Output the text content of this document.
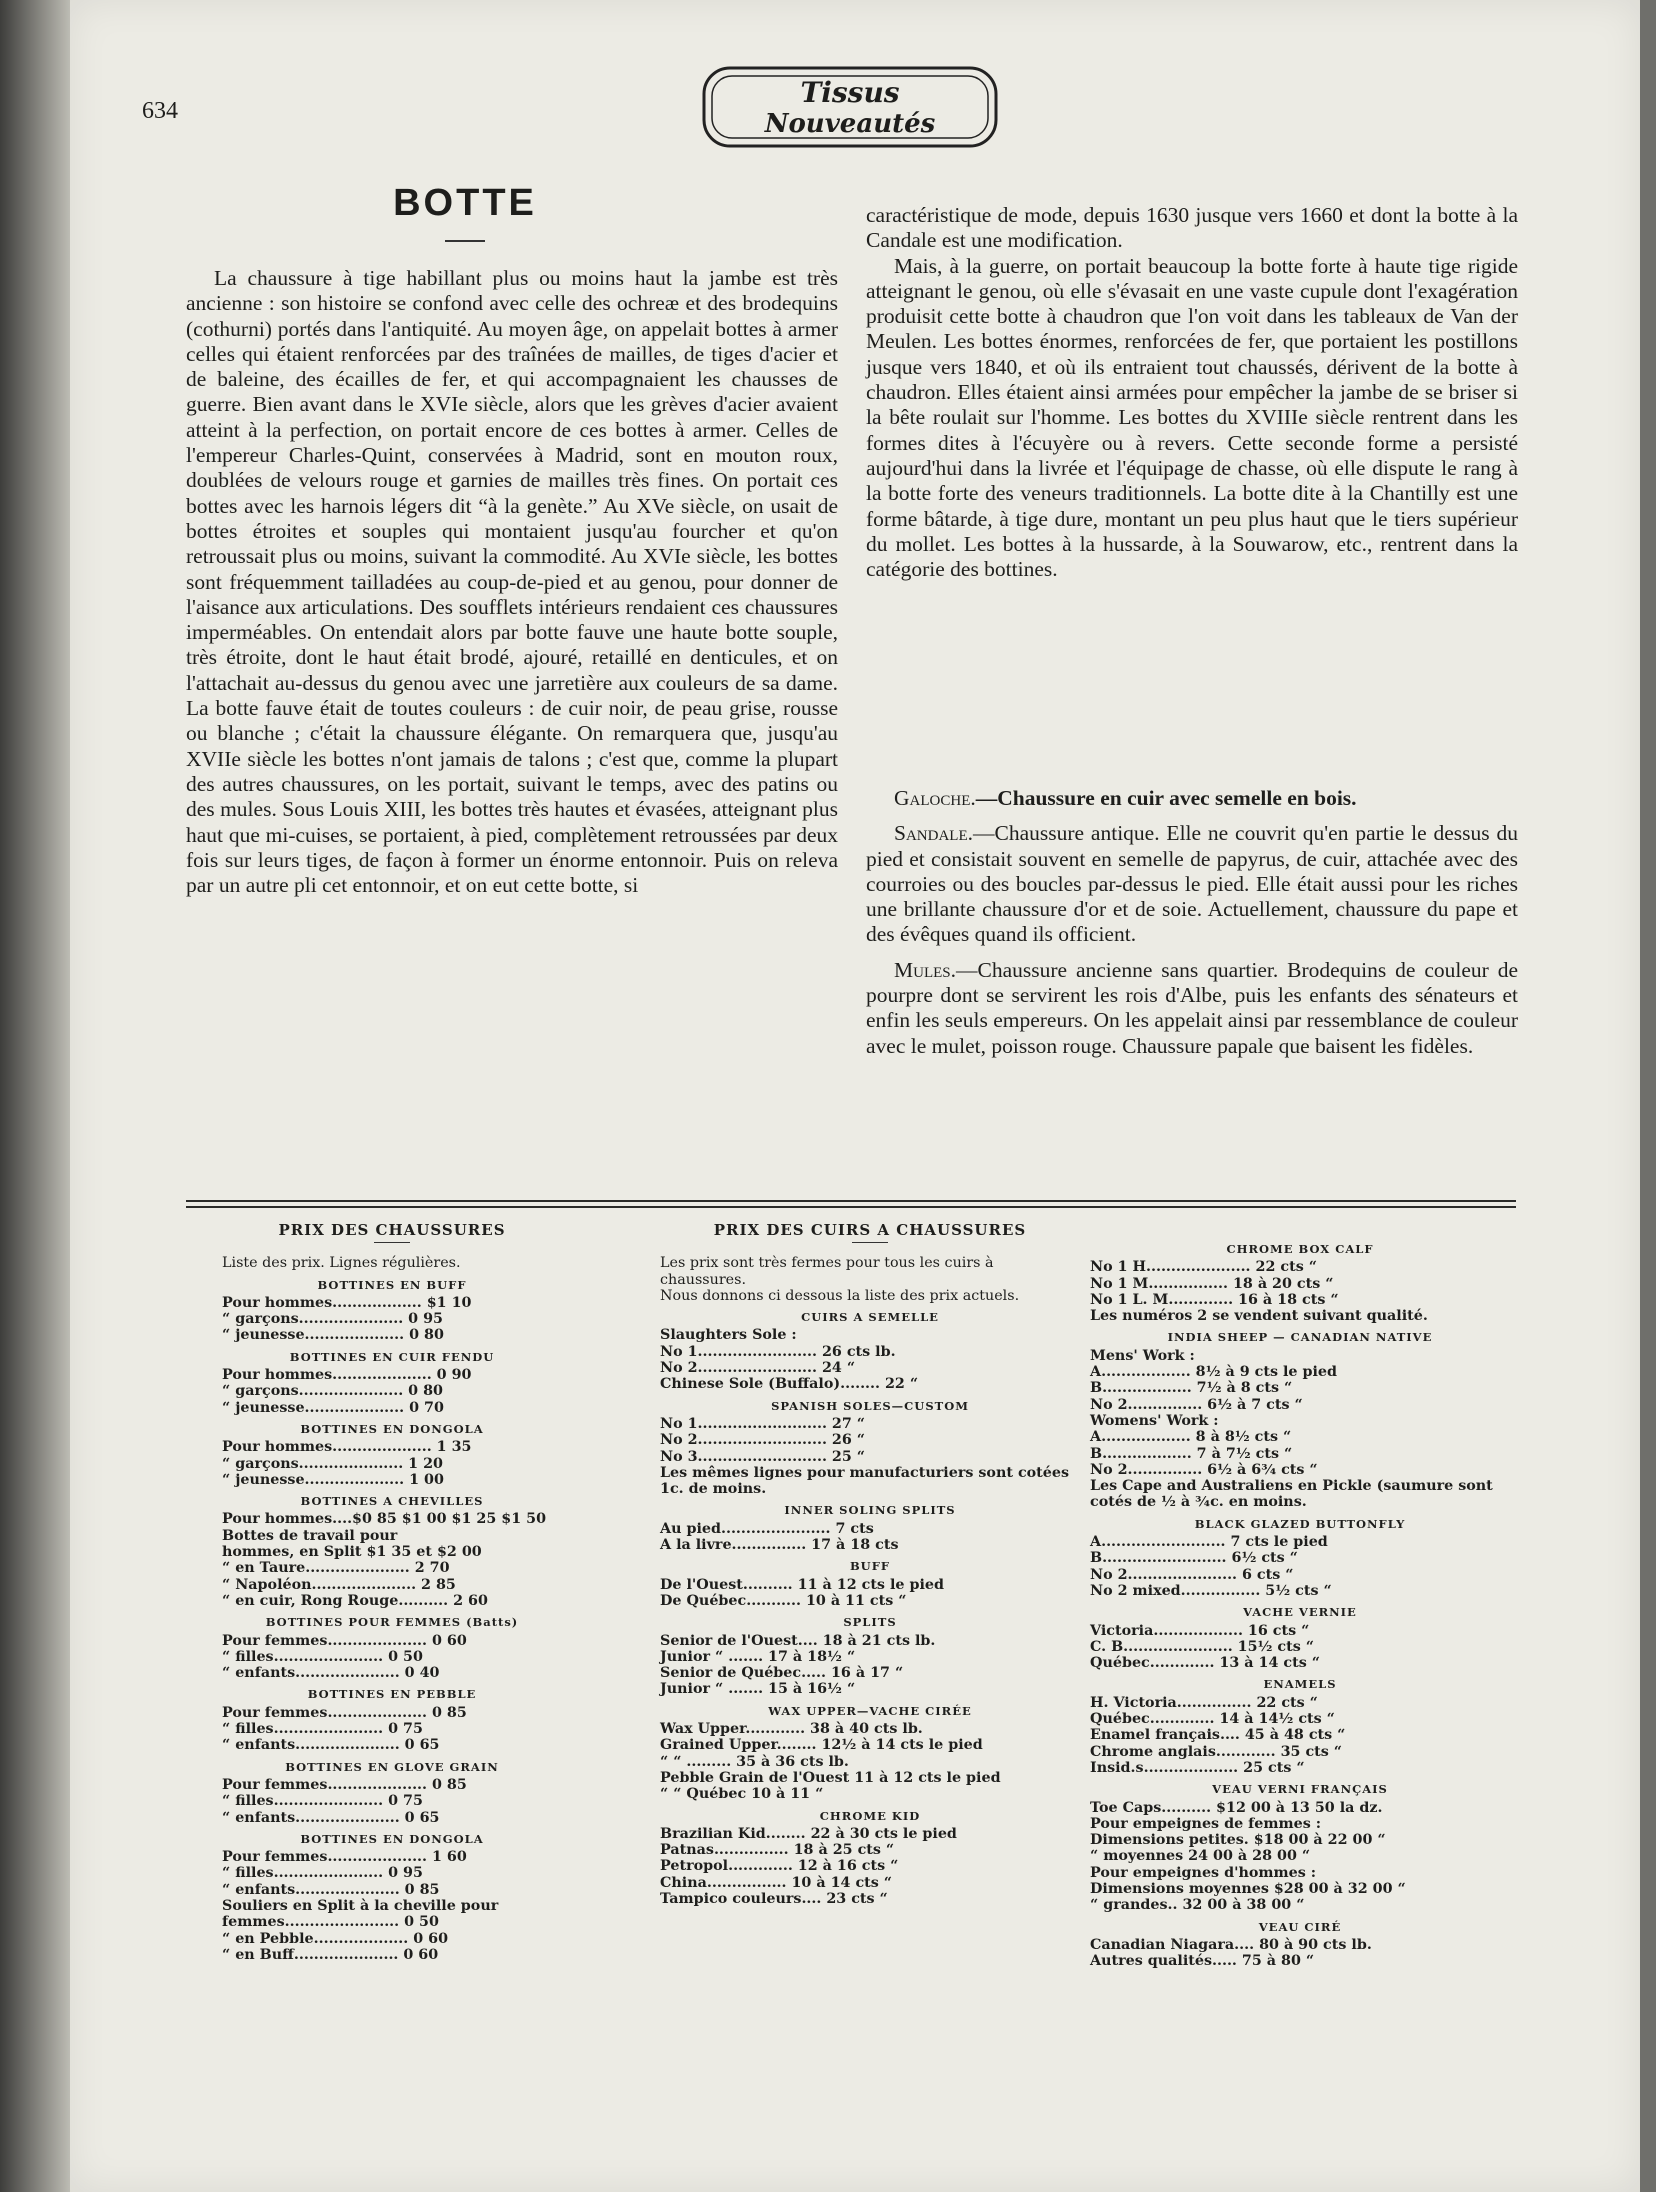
634
Tissus
Nouveautés
BOTTE

La chaussure à tige habillant plus ou moins haut la jambe est très ancienne : son histoire se confond avec celle des ochreæ et des brodequins (cothurni) portés dans l'antiquité. Au moyen âge, on appelait bottes à armer celles qui étaient renforcées par des traînées de mailles, de tiges d'acier et de baleine, des écailles de fer, et qui accompagnaient les chausses de guerre. Bien avant dans le XVIe siècle, alors que les grèves d'acier avaient atteint à la perfection, on portait encore de ces bottes à armer. Celles de l'empereur Charles-Quint, conservées à Madrid, sont en mouton roux, doublées de velours rouge et garnies de mailles très fines. On portait ces bottes avec les harnois légers dit “à la genète.” Au XVe siècle, on usait de bottes étroites et souples qui montaient jusqu'au fourcher et qu'on retroussait plus ou moins, suivant la commodité. Au XVIe siècle, les bottes sont fréquemment tailladées au coup-de-pied et au genou, pour donner de l'aisance aux articulations. Des soufflets intérieurs rendaient ces chaussures imperméables. On entendait alors par botte fauve une haute botte souple, très étroite, dont le haut était brodé, ajouré, retaillé en denticules, et on l'attachait au-dessus du genou avec une jarretière aux couleurs de sa dame. La botte fauve était de toutes couleurs : de cuir noir, de peau grise, rousse ou blanche ; c'était la chaussure élégante. On remarquera que, jusqu'au XVIIe siècle les bottes n'ont jamais de talons ; c'est que, comme la plupart des autres chaussures, on les portait, suivant le temps, avec des patins ou des mules. Sous Louis XIII, les bottes très hautes et évasées, atteignant plus haut que mi-cuises, se portaient, à pied, complètement retroussées par deux fois sur leurs tiges, de façon à former un énorme entonnoir. Puis on releva par un autre pli cet entonnoir, et on eut cette botte, si

caractéristique de mode, depuis 1630 jusque vers 1660 et dont la botte à la Candale est une modification.

Mais, à la guerre, on portait beaucoup la botte forte à haute tige rigide atteignant le genou, où elle s'évasait en une vaste cupule dont l'exagération produisit cette botte à chaudron que l'on voit dans les tableaux de Van der Meulen. Les bottes énormes, renforcées de fer, que portaient les postillons jusque vers 1840, et où ils entraient tout chaussés, dérivent de la botte à chaudron. Elles étaient ainsi armées pour empêcher la jambe de se briser si la bête roulait sur l'homme. Les bottes du XVIIIe siècle rentrent dans les formes dites à l'écuyère ou à revers. Cette seconde forme a persisté aujourd'hui dans la livrée et l'équipage de chasse, où elle dispute le rang à la botte forte des veneurs traditionnels. La botte dite à la Chantilly est une forme bâtarde, à tige dure, montant un peu plus haut que le tiers supérieur du mollet. Les bottes à la hussarde, à la Souwarow, etc., rentrent dans la catégorie des bottines.

Galoche.—Chaussure en cuir avec semelle en bois.

Sandale.—Chaussure antique. Elle ne couvrit qu'en partie le dessus du pied et consistait souvent en semelle de papyrus, de cuir, attachée avec des courroies ou des boucles par-dessus le pied. Elle était aussi pour les riches une brillante chaussure d'or et de soie. Actuellement, chaussure du pape et des évêques quand ils officient.

Mules.—Chaussure ancienne sans quartier. Brodequins de couleur de pourpre dont se servirent les rois d'Albe, puis les enfants des sénateurs et enfin les seuls empereurs. On les appelait ainsi par ressemblance de couleur avec le mulet, poisson rouge. Chaussure papale que baisent les fidèles.

PRIX DES CHAUSSURES
Liste des prix. Lignes régulières.
BOTTINES EN BUFF
Pour hommes.................. $1 10
“ garçons..................... 0 95
“ jeunesse.................... 0 80
BOTTINES EN CUIR FENDU
Pour hommes.................... 0 90
“ garçons..................... 0 80
“ jeunesse.................... 0 70
BOTTINES EN DONGOLA
Pour hommes.................... 1 35
“ garçons..................... 1 20
“ jeunesse.................... 1 00
BOTTINES A CHEVILLES
Pour hommes....$0 85 $1 00 $1 25 $1 50
Bottes de travail pour
hommes, en Split $1 35 et $2 00
“ en Taure..................... 2 70
“ Napoléon..................... 2 85
“ en cuir, Rong Rouge.......... 2 60
BOTTINES POUR FEMMES (Batts)
Pour femmes.................... 0 60
“ filles...................... 0 50
“ enfants..................... 0 40
BOTTINES EN PEBBLE
Pour femmes.................... 0 85
“ filles...................... 0 75
“ enfants..................... 0 65
BOTTINES EN GLOVE GRAIN
Pour femmes.................... 0 85
“ filles...................... 0 75
“ enfants..................... 0 65
BOTTINES EN DONGOLA
Pour femmes.................... 1 60
“ filles...................... 0 95
“ enfants..................... 0 85
Souliers en Split à la cheville pour
femmes....................... 0 50
“ en Pebble................... 0 60
“ en Buff..................... 0 60
PRIX DES CUIRS A CHAUSSURES
Les prix sont très fermes pour tous les cuirs à chaussures.
Nous donnons ci dessous la liste des prix actuels.
CUIRS A SEMELLE
Slaughters Sole :
No 1........................ 26 cts lb.
No 2........................ 24 “
Chinese Sole (Buffalo)........ 22 “
SPANISH SOLES—CUSTOM
No 1.......................... 27 “
No 2.......................... 26 “
No 3.......................... 25 “
Les mêmes lignes pour manufacturiers sont cotées 1c. de moins.
INNER SOLING SPLITS
Au pied...................... 7 cts
A la livre............... 17 à 18 cts
BUFF
De l'Ouest.......... 11 à 12 cts le pied
De Québec........... 10 à 11 cts “
SPLITS
Senior de l'Ouest.... 18 à 21 cts lb.
Junior “ ....... 17 à 18½ “
Senior de Québec..... 16 à 17 “
Junior “ ....... 15 à 16½ “
WAX UPPER—VACHE CIRÉE
Wax Upper............ 38 à 40 cts lb.
Grained Upper........ 12½ à 14 cts le pied
“ “ ......... 35 à 36 cts lb.
Pebble Grain de l'Ouest 11 à 12 cts le pied
“ “ Québec 10 à 11 “
CHROME KID
Brazilian Kid........ 22 à 30 cts le pied
Patnas............... 18 à 25 cts “
Petropol............. 12 à 16 cts “
China................ 10 à 14 cts “
Tampico couleurs.... 23 cts “
CHROME BOX CALF
No 1 H..................... 22 cts “
No 1 M................ 18 à 20 cts “
No 1 L. M............. 16 à 18 cts “
Les numéros 2 se vendent suivant qualité.
INDIA SHEEP — CANADIAN NATIVE
Mens' Work :
A.................. 8½ à 9 cts le pied
B.................. 7½ à 8 cts “
No 2............... 6½ à 7 cts “
Womens' Work :
A.................. 8 à 8½ cts “
B.................. 7 à 7½ cts “
No 2............... 6½ à 6¾ cts “
Les Cape and Australiens en Pickle (saumure sont cotés de ½ à ¾c. en moins.
BLACK GLAZED BUTTONFLY
A......................... 7 cts le pied
B......................... 6½ cts “
No 2...................... 6 cts “
No 2 mixed................ 5½ cts “
VACHE VERNIE
Victoria.................. 16 cts “
C. B...................... 15½ cts “
Québec............. 13 à 14 cts “
ENAMELS
H. Victoria............... 22 cts “
Québec............. 14 à 14½ cts “
Enamel français.... 45 à 48 cts “
Chrome anglais............ 35 cts “
Insid.s................... 25 cts “
VEAU VERNI FRANÇAIS
Toe Caps.......... $12 00 à 13 50 la dz.
Pour empeignes de femmes :
Dimensions petites. $18 00 à 22 00 “
“ moyennes 24 00 à 28 00 “
Pour empeignes d'hommes :
Dimensions moyennes $28 00 à 32 00 “
“ grandes.. 32 00 à 38 00 “
VEAU CIRÉ
Canadian Niagara.... 80 à 90 cts lb.
Autres qualités..... 75 à 80 “
